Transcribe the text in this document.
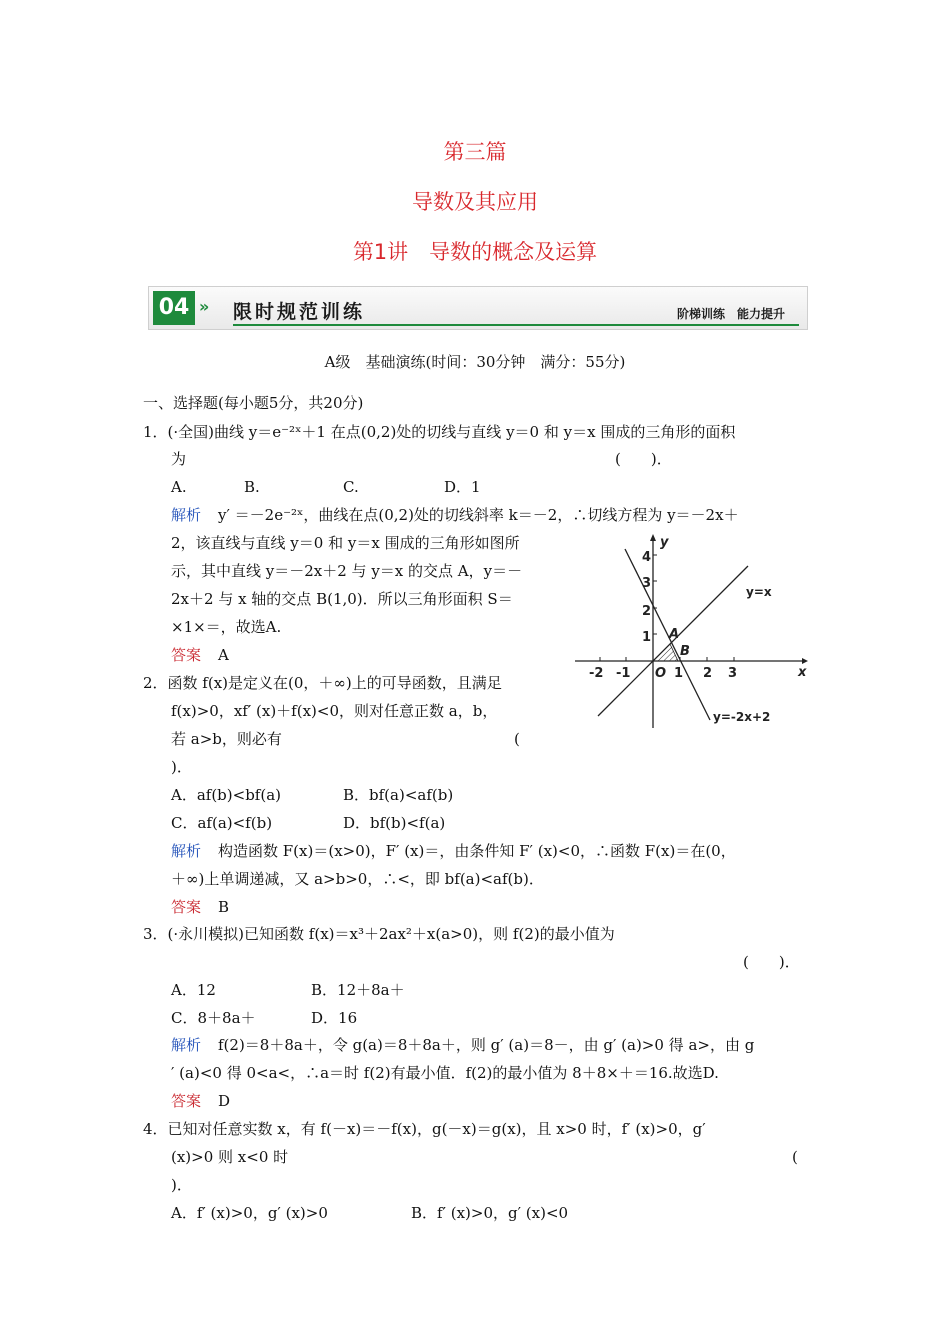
第三篇
导数及其应用
第1讲　导数的概念及运算
04 » 限时规范训练	阶梯训练　能力提升
A级　基础演练(时间：30分钟　满分：55分)
一、选择题(每小题5分，共20分)
1．(·全国)曲线 y＝e⁻²ˣ＋1 在点(0,2)处的切线与直线 y＝0 和 y＝x 围成的三角形的面积
为	(　　)．
A.	B.	C.	D．1
解析 y′ ＝－2e⁻²ˣ，曲线在点(0,2)处的切线斜率 k＝－2，∴切线方程为 y＝－2x＋
2，该直线与直线 y＝0 和 y＝x 围成的三角形如图所
示，其中直线 y＝－2x＋2 与 y＝x 的交点 A，y＝－
2x＋2 与 x 轴的交点 B(1,0)．所以三角形面积 S＝
×1×＝，故选A.
答案 A
-2 -1	1 2 3
1
2
3
4
O
y
x
A
B
y=x
y=-2x+2
2．函数 f(x)是定义在(0，＋∞)上的可导函数，且满足
f(x)>0，xf′ (x)＋f(x)<0，则对任意正数 a，b，
若 a>b，则必有	(
)．
A．af(b)<bf(a)	B．bf(a)<af(b)
C．af(a)<f(b)	D．bf(b)<f(a)
解析 构造函数 F(x)＝(x>0)，F′ (x)＝，由条件知 F′ (x)<0，∴函数 F(x)＝在(0，
＋∞)上单调递减，又 a>b>0，∴<，即 bf(a)<af(b)．
答案 B
3．(·永川模拟)已知函数 f(x)＝x³＋2ax²＋x(a>0)，则 f(2)的最小值为
(　　)．
A．12	B．12＋8a＋
C．8＋8a＋	D．16
解析 f(2)＝8＋8a＋，令 g(a)＝8＋8a＋，则 g′ (a)＝8－，由 g′ (a)>0 得 a>，由 g
′ (a)<0 得 0<a<，∴a＝时 f(2)有最小值．f(2)的最小值为 8＋8×＋＝16.故选D.
答案 D
4．已知对任意实数 x，有 f(－x)＝－f(x)，g(－x)＝g(x)，且 x>0 时，f′ (x)>0，g′
(x)>0 则 x<0 时	(
)．
A．f′ (x)>0，g′ (x)>0	B．f′ (x)>0，g′ (x)<0
